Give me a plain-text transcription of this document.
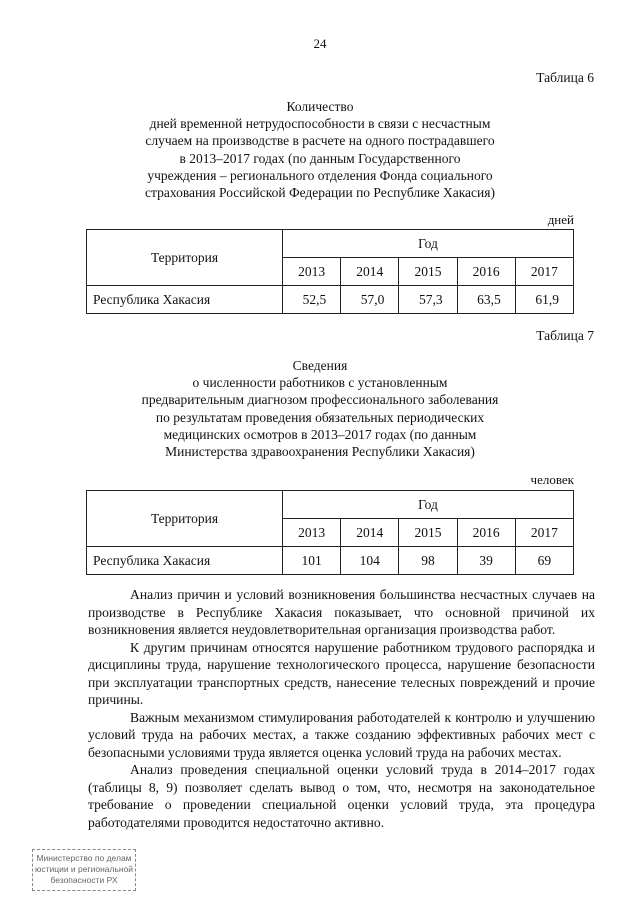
24
Таблица 6
Количество
дней временной нетрудоспособности в связи с несчастным
случаем на производстве в расчете на одного пострадавшего
в 2013–2017 годах (по данным Государственного
учреждения – регионального отделения Фонда социального
страхования Российской Федерации по Республике Хакасия)
дней
Территория	Год				
	2013	2014	2015	2016	2017
Республика Хакасия	52,5	57,0	57,3	63,5	61,9
Таблица 7
Сведения
о численности работников с установленным
предварительным диагнозом профессионального заболевания
по результатам проведения обязательных периодических
медицинских осмотров в 2013–2017 годах (по данным
Министерства здравоохранения Республики Хакасия)
человек
Территория	Год				
	2013	2014	2015	2016	2017
Республика Хакасия	101	104	98	39	69

Анализ причин и условий возникновения большинства несчастных случаев на производстве в Республике Хакасия показывает, что основной причиной их возникновения является неудовлетворительная организация производства работ.

К другим причинам относятся нарушение работником трудового распорядка и дисциплины труда, нарушение технологического процесса, нарушение безопасности при эксплуатации транспортных средств, нанесение телесных повреждений и прочие причины.

Важным механизмом стимулирования работодателей к контролю и улучшению условий труда на рабочих местах, а также созданию эффективных рабочих мест с безопасными условиями труда является оценка условий труда на рабочих местах.

Анализ проведения специальной оценки условий труда в 2014–2017 годах (таблицы 8, 9) позволяет сделать вывод о том, что, несмотря на законодательное требование о проведении специальной оценки условий труда, эта процедура работодателями проводится недостаточно активно.

Министерство по делам
юстиции и региональной
безопасности РХ
